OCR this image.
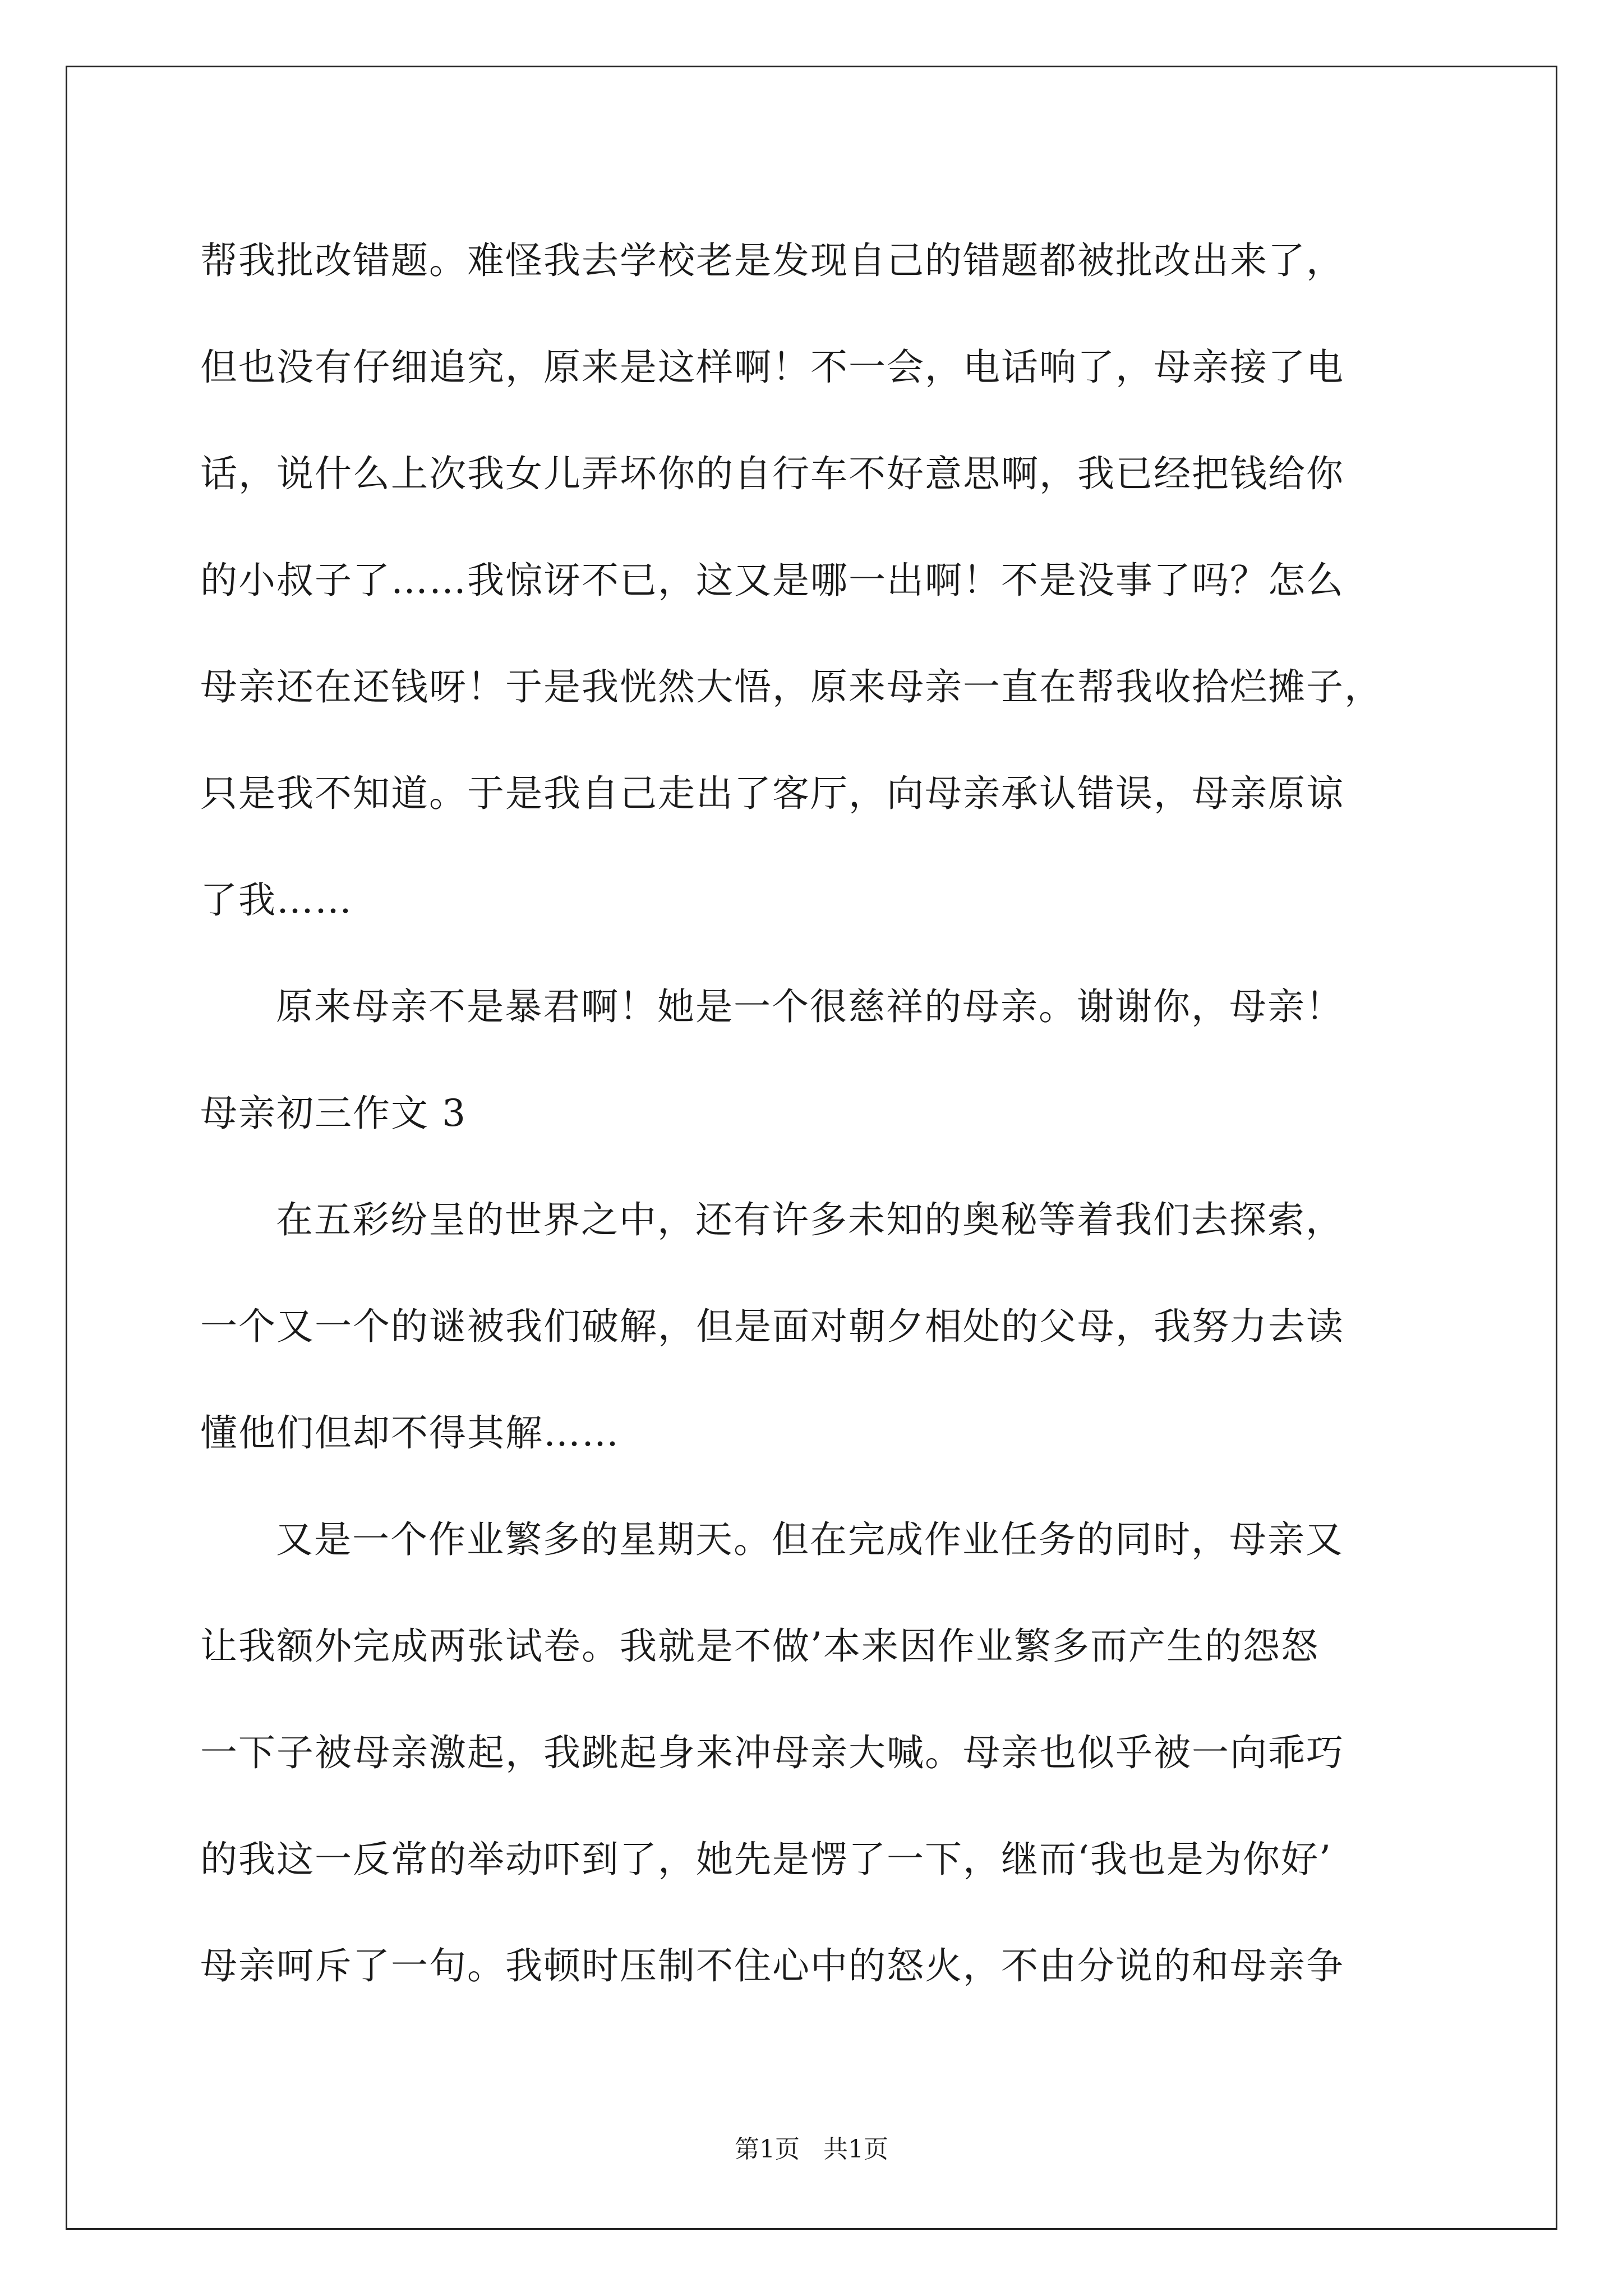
帮我批改错题。难怪我去学校老是发现自己的错题都被批改出来了，
但也没有仔细追究，原来是这样啊！不一会，电话响了，母亲接了电
话，说什么上次我女儿弄坏你的自行车不好意思啊，我已经把钱给你
的小叔子了……我惊讶不已，这又是哪一出啊！不是没事了吗？怎么
母亲还在还钱呀！于是我恍然大悟，原来母亲一直在帮我收拾烂摊子，
只是我不知道。于是我自己走出了客厅，向母亲承认错误，母亲原谅
了我……
原来母亲不是暴君啊！她是一个很慈祥的母亲。谢谢你，母亲！
母亲初三作文 3
在五彩纷呈的世界之中，还有许多未知的奥秘等着我们去探索，
一个又一个的谜被我们破解，但是面对朝夕相处的父母，我努力去读
懂他们但却不得其解……
又是一个作业繁多的星期天。但在完成作业任务的同时，母亲又
让我额外完成两张试卷。我就是不做’本来因作业繁多而产生的怨怒
一下子被母亲激起，我跳起身来冲母亲大喊。母亲也似乎被一向乖巧
的我这一反常的举动吓到了，她先是愣了一下，继而‘我也是为你好’
母亲呵斥了一句。我顿时压制不住心中的怒火，不由分说的和母亲争
第1页   共1页
